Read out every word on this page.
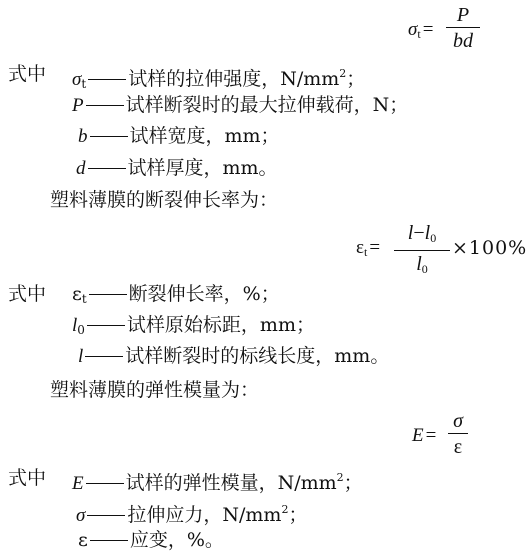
$\sigma_t$ =
P
bd
式中 $\sigma_t$ 试样的拉伸强度，$N/mm^2$；
P 试样断裂时的最大拉伸载荷，N；
b 试样宽度，mm；
d 试样厚度，mm。
塑料薄膜的断裂伸长率为：
$\varepsilon_t$ =
$l-l_0$
$l_0$
×100%
式中 $\varepsilon_t$ 断裂伸长率，%；
$l_0$ 试样原始标距，mm；
l 试样断裂时的标线长度，mm。
塑料薄膜的弹性模量为：
E =
σ
ε
式中 E 试样的弹性模量，$N/mm^2$；
σ 拉伸应力，$N/mm^2$；
ε 应变，%。
